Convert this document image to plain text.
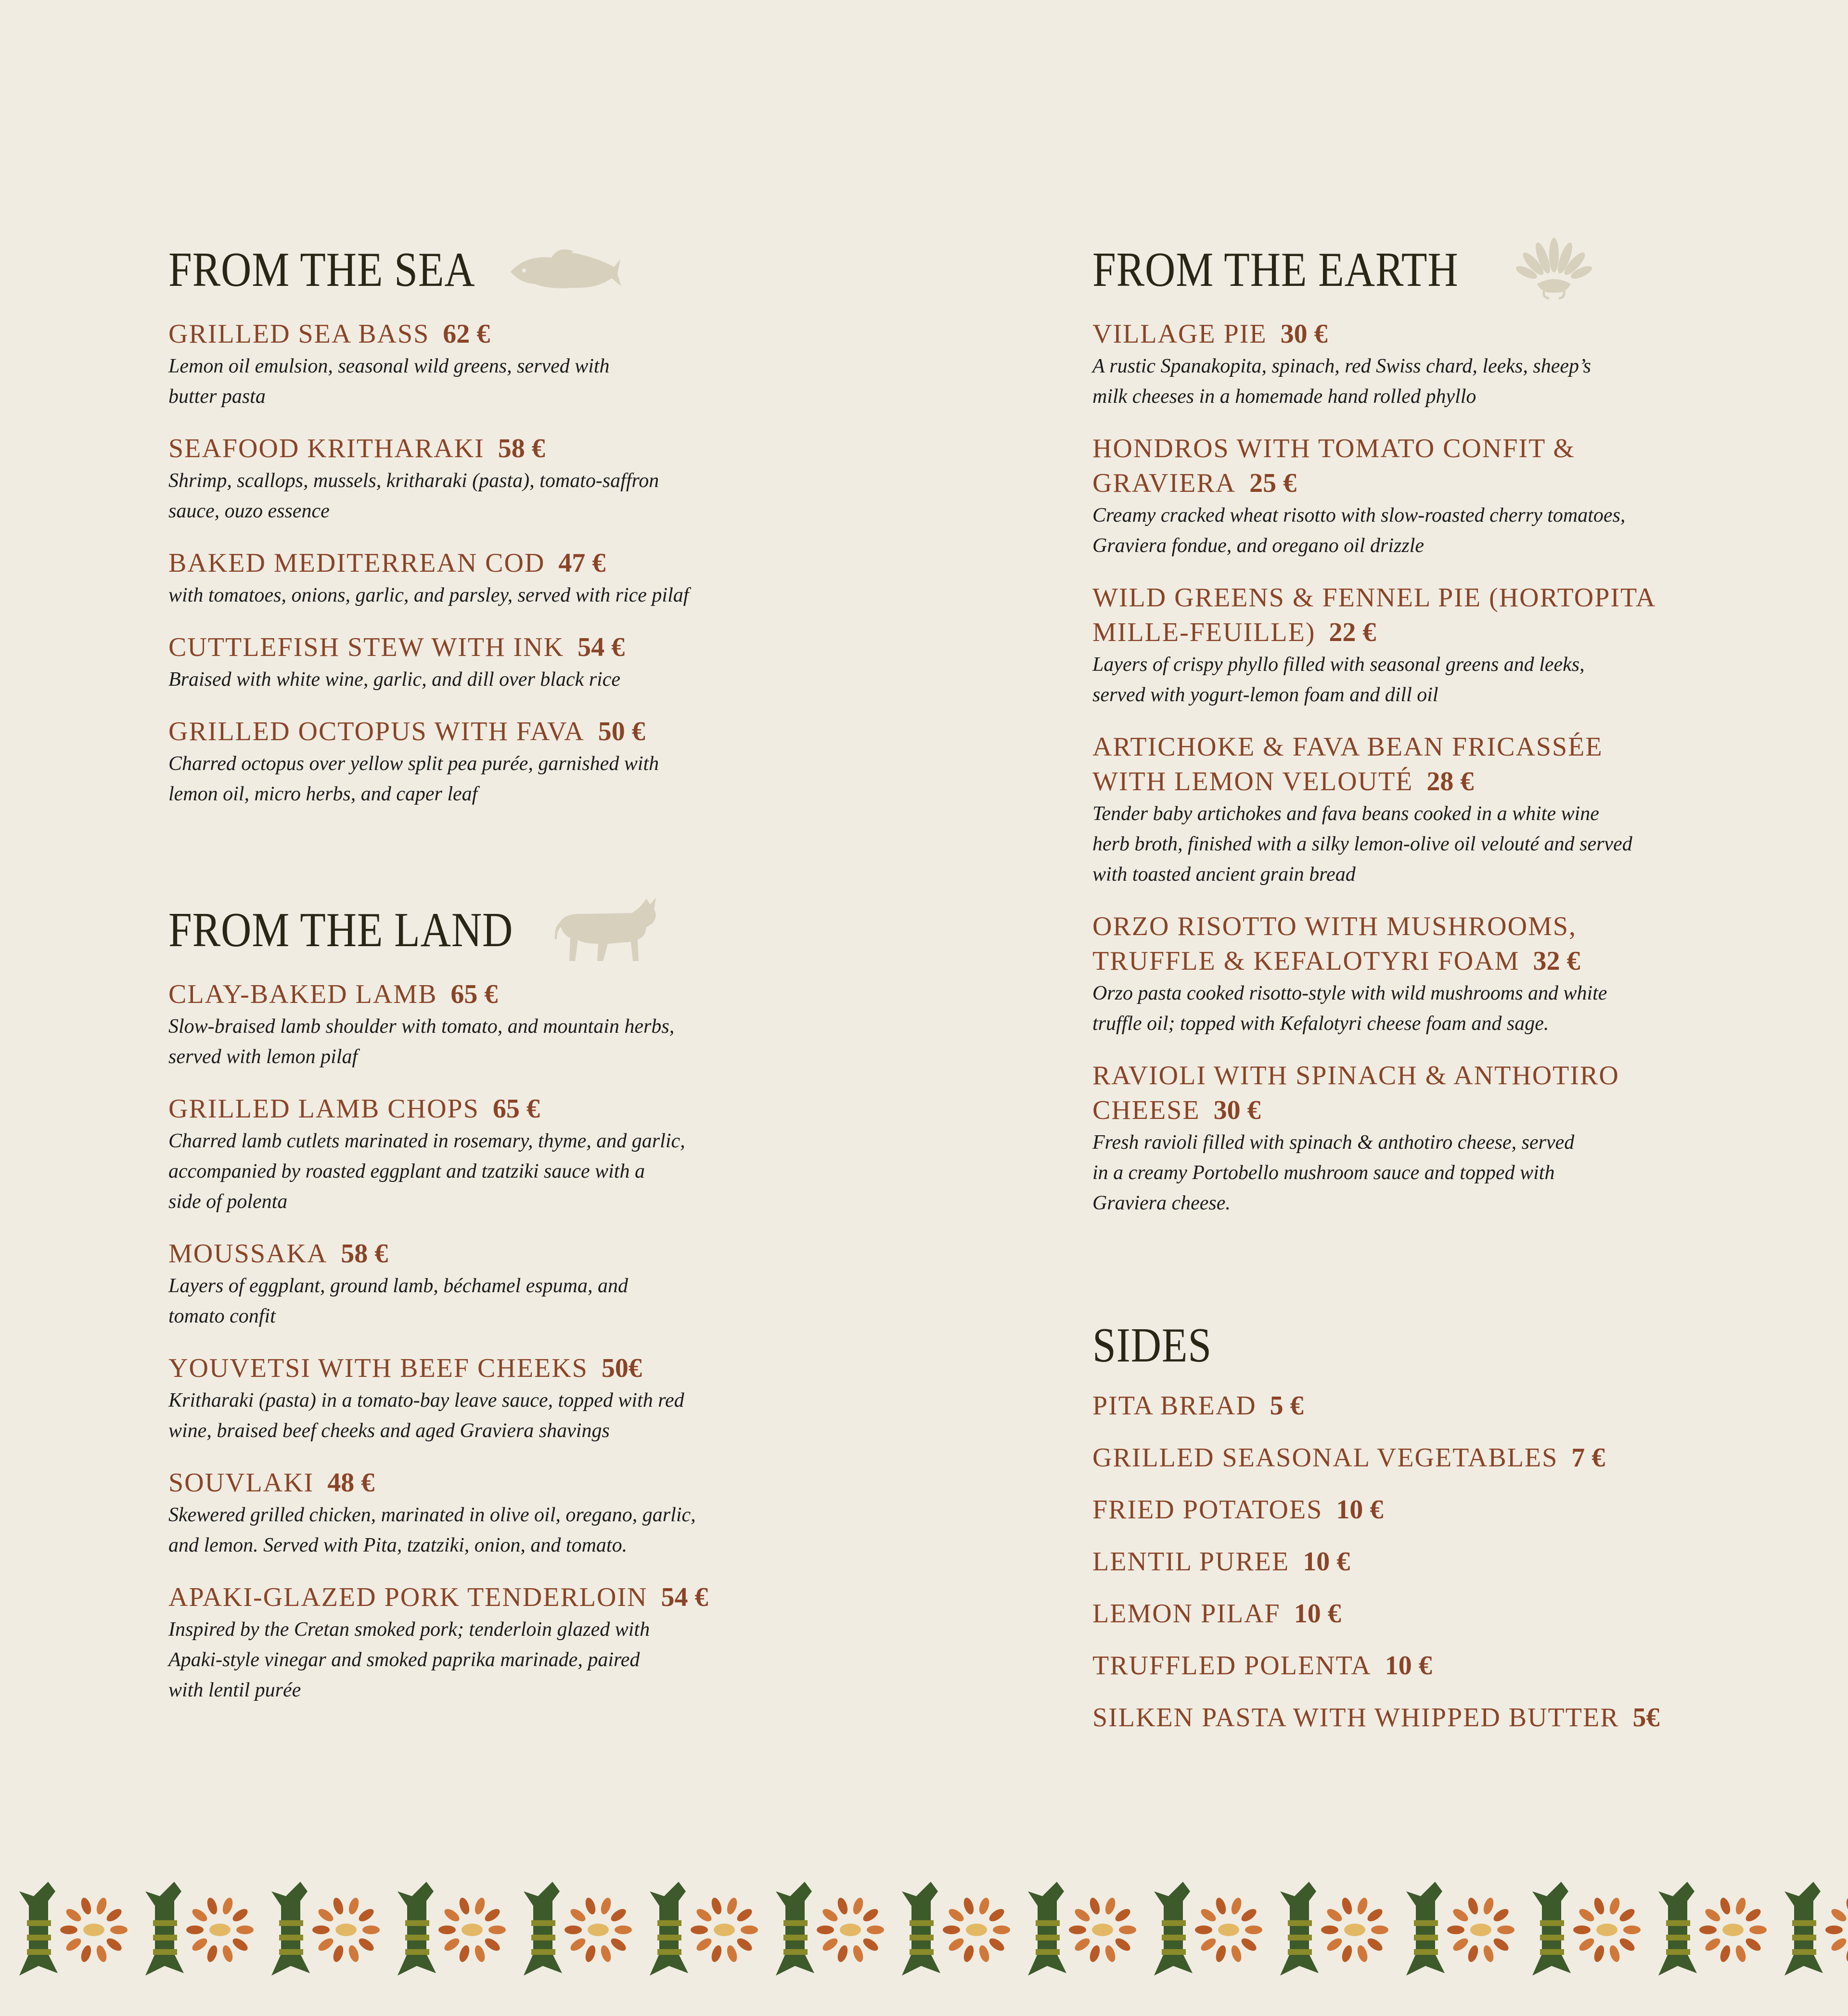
FROM THE SEA
GRILLED SEA BASS 62 €
Lemon oil emulsion, seasonal wild greens, served with
butter pasta
SEAFOOD KRITHARAKI 58 €
Shrimp, scallops, mussels, kritharaki (pasta), tomato-saffron
sauce, ouzo essence
BAKED MEDITERREAN COD 47 €
with tomatoes, onions, garlic, and parsley, served with rice pilaf
CUTTLEFISH STEW WITH INK 54 €
Braised with white wine, garlic, and dill over black rice
GRILLED OCTOPUS WITH FAVA 50 €
Charred octopus over yellow split pea purée, garnished with
lemon oil, micro herbs, and caper leaf
FROM THE LAND
CLAY-BAKED LAMB 65 €
Slow-braised lamb shoulder with tomato, and mountain herbs,
served with lemon pilaf
GRILLED LAMB CHOPS 65 €
Charred lamb cutlets marinated in rosemary, thyme, and garlic,
accompanied by roasted eggplant and tzatziki sauce with a
side of polenta
MOUSSAKA 58 €
Layers of eggplant, ground lamb, béchamel espuma, and
tomato confit
YOUVETSI WITH BEEF CHEEKS 50€
Kritharaki (pasta) in a tomato-bay leave sauce, topped with red
wine, braised beef cheeks and aged Graviera shavings
SOUVLAKI 48 €
Skewered grilled chicken, marinated in olive oil, oregano, garlic,
and lemon. Served with Pita, tzatziki, onion, and tomato.
APAKI-GLAZED PORK TENDERLOIN 54 €
Inspired by the Cretan smoked pork; tenderloin glazed with
Apaki-style vinegar and smoked paprika marinade, paired
with lentil purée
FROM THE EARTH
VILLAGE PIE 30 €
A rustic Spanakopita, spinach, red Swiss chard, leeks, sheep’s
milk cheeses in a homemade hand rolled phyllo
HONDROS WITH TOMATO CONFIT &
GRAVIERA 25 €
Creamy cracked wheat risotto with slow-roasted cherry tomatoes,
Graviera fondue, and oregano oil drizzle
WILD GREENS & FENNEL PIE (HORTOPITA
MILLE-FEUILLE) 22 €
Layers of crispy phyllo filled with seasonal greens and leeks,
served with yogurt-lemon foam and dill oil
ARTICHOKE & FAVA BEAN FRICASSÉE
WITH LEMON VELOUTÉ 28 €
Tender baby artichokes and fava beans cooked in a white wine
herb broth, finished with a silky lemon-olive oil velouté and served
with toasted ancient grain bread
ORZO RISOTTO WITH MUSHROOMS,
TRUFFLE & KEFALOTYRI FOAM 32 €
Orzo pasta cooked risotto-style with wild mushrooms and white
truffle oil; topped with Kefalotyri cheese foam and sage.
RAVIOLI WITH SPINACH & ANTHOTIRO
CHEESE 30 €
Fresh ravioli filled with spinach & anthotiro cheese, served
in a creamy Portobello mushroom sauce and topped with
Graviera cheese.
SIDES
PITA BREAD 5 €
GRILLED SEASONAL VEGETABLES 7 €
FRIED POTATOES 10 €
LENTIL PUREE 10 €
LEMON PILAF 10 €
TRUFFLED POLENTA 10 €
SILKEN PASTA WITH WHIPPED BUTTER 5€
